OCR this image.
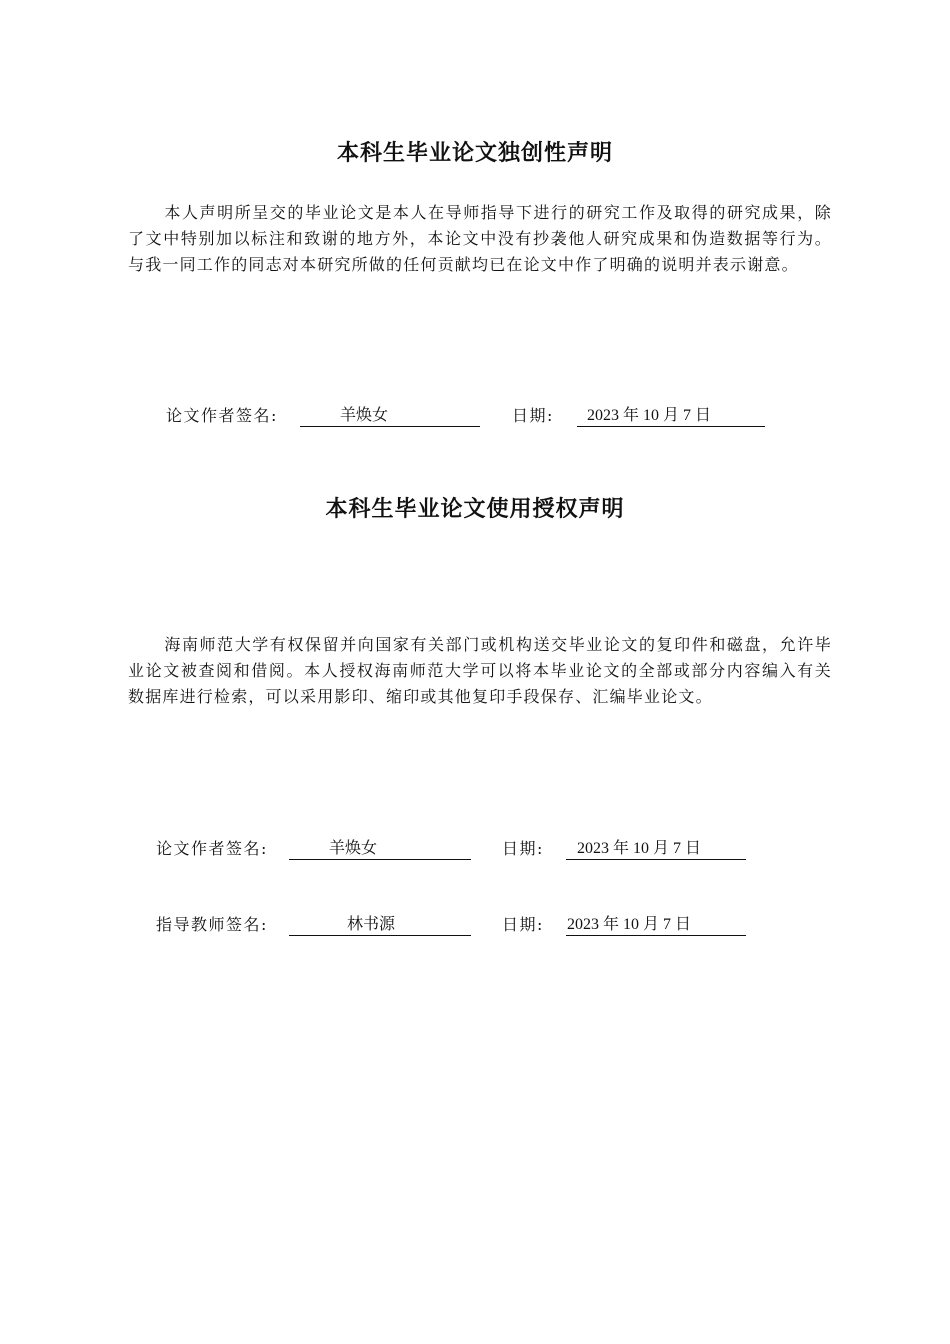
本科生毕业论文独创性声明
本人声明所呈交的毕业论文是本人在导师指导下进行的研究工作及取得的研究成果，除了文中特别加以标注和致谢的地方外，本论文中没有抄袭他人研究成果和伪造数据等行为。与我一同工作的同志对本研究所做的任何贡献均已在论文中作了明确的说明并表示谢意。
论文作者签名:	羊焕女	日期: 2023 年 10 月 7 日
本科生毕业论文使用授权声明
海南师范大学有权保留并向国家有关部门或机构送交毕业论文的复印件和磁盘，允许毕业论文被查阅和借阅。本人授权海南师范大学可以将本毕业论文的全部或部分内容编入有关数据库进行检索，可以采用影印、缩印或其他复印手段保存、汇编毕业论文。
论文作者签名:	羊焕女	日期: 2023 年 10 月 7 日
指导教师签名:	林书源	日期: 2023 年 10 月 7 日
